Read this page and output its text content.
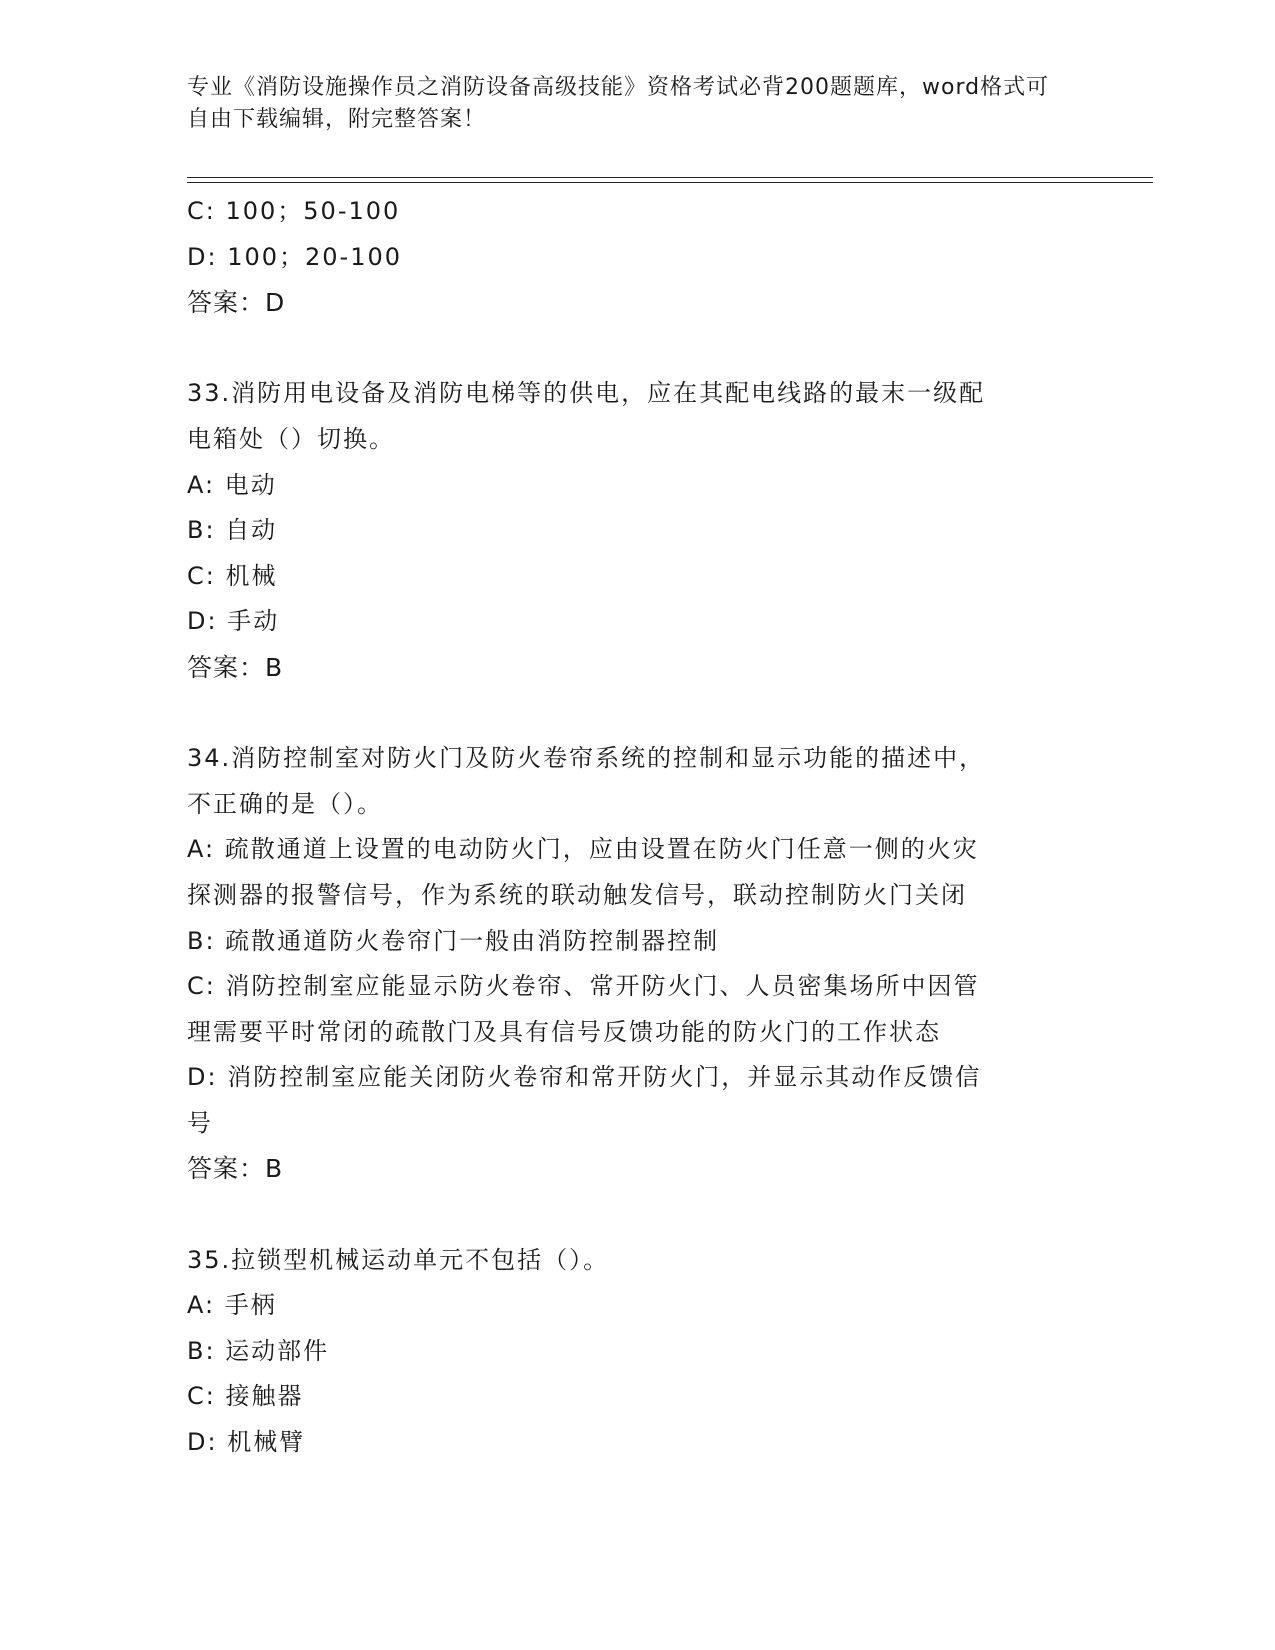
专业《消防设施操作员之消防设备高级技能》资格考试必背200题题库，word格式可自由下载编辑，附完整答案！
C: 100；50-100
D: 100；20-100
答案：D
33.消防用电设备及消防电梯等的供电，应在其配电线路的最末一级配
电箱处（）切换。
A: 电动
B: 自动
C: 机械
D: 手动
答案：B
34.消防控制室对防火门及防火卷帘系统的控制和显示功能的描述中，
不正确的是（）。
A: 疏散通道上设置的电动防火门，应由设置在防火门任意一侧的火灾
探测器的报警信号，作为系统的联动触发信号，联动控制防火门关闭
B: 疏散通道防火卷帘门一般由消防控制器控制
C: 消防控制室应能显示防火卷帘、常开防火门、人员密集场所中因管
理需要平时常闭的疏散门及具有信号反馈功能的防火门的工作状态
D: 消防控制室应能关闭防火卷帘和常开防火门，并显示其动作反馈信
号
答案：B
35.拉锁型机械运动单元不包括（）。
A: 手柄
B: 运动部件
C: 接触器
D: 机械臂
